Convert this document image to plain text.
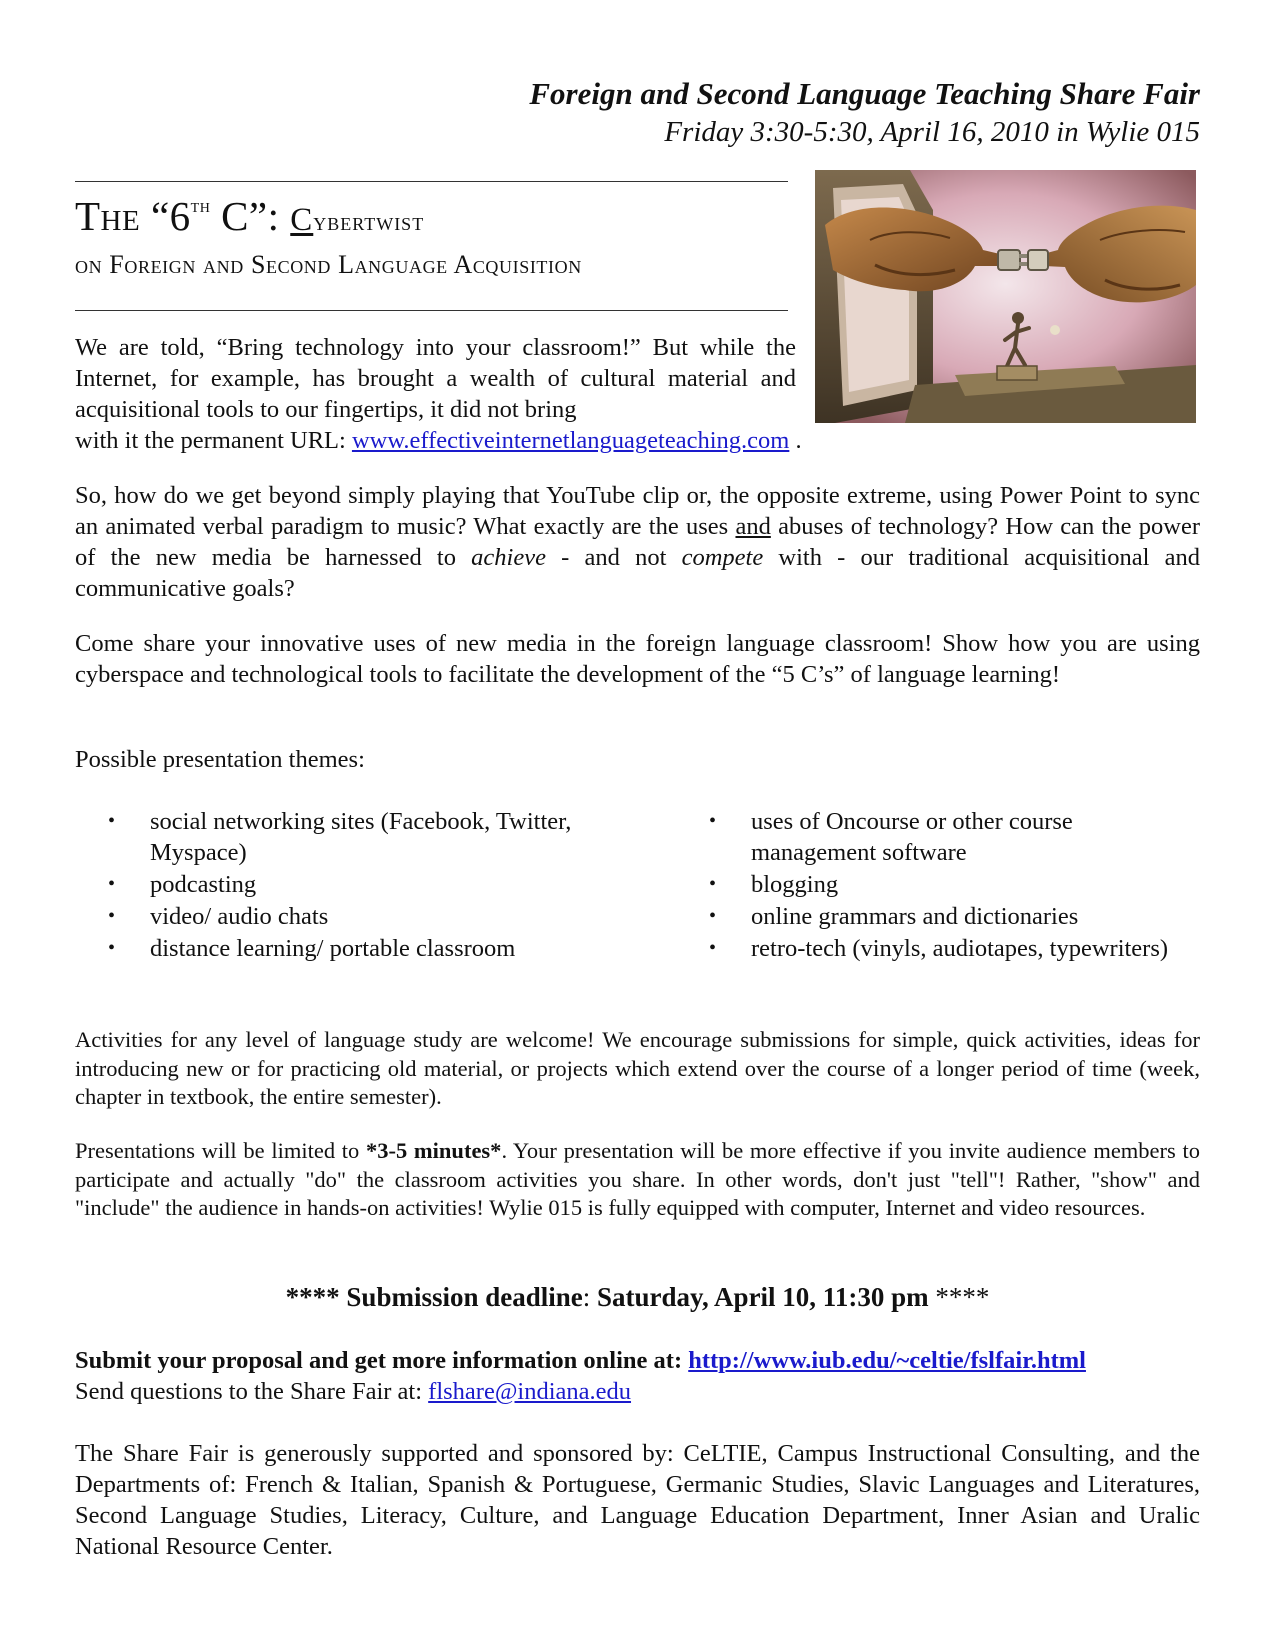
Foreign and Second Language Teaching Share Fair
Friday 3:30-5:30, April 16, 2010 in Wylie 015
The “6th C”: Cybertwist
on Foreign and Second Language Acquisition
We are told, “Bring technology into your classroom!” But while the Internet, for example, has brought a wealth of cultural material and acquisitional tools to our fingertips, it did not bring
with it the permanent URL: www.effectiveinternetlanguageteaching.com .
So, how do we get beyond simply playing that YouTube clip or, the opposite extreme, using Power Point to sync an animated verbal paradigm to music? What exactly are the uses and abuses of technology? How can the power of the new media be harnessed to achieve - and not compete with - our traditional acquisitional and communicative goals?
Come share your innovative uses of new media in the foreign language classroom! Show how you are using cyberspace and technological tools to facilitate the development of the “5 C’s” of language learning!
Possible presentation themes:
• social networking sites (Facebook, Twitter, Myspace)
• podcasting
• video/ audio chats
• distance learning/ portable classroom
• uses of Oncourse or other course management software
• blogging
• online grammars and dictionaries
• retro-tech (vinyls, audiotapes, typewriters)
Activities for any level of language study are welcome! We encourage submissions for simple, quick activities, ideas for introducing new or for practicing old material, or projects which extend over the course of a longer period of time (week, chapter in textbook, the entire semester).
Presentations will be limited to *3-5 minutes*. Your presentation will be more effective if you invite audience members to participate and actually "do" the classroom activities you share. In other words, don't just "tell"! Rather, "show" and "include" the audience in hands-on activities! Wylie 015 is fully equipped with computer, Internet and video resources.
**** Submission deadline: Saturday, April 10, 11:30 pm ****
Submit your proposal and get more information online at: http://www.iub.edu/~celtie/fslfair.html
Send questions to the Share Fair at: flshare@indiana.edu
The Share Fair is generously supported and sponsored by: CeLTIE, Campus Instructional Consulting, and the Departments of: French & Italian, Spanish & Portuguese, Germanic Studies, Slavic Languages and Literatures, Second Language Studies, Literacy, Culture, and Language Education Department, Inner Asian and Uralic National Resource Center.
